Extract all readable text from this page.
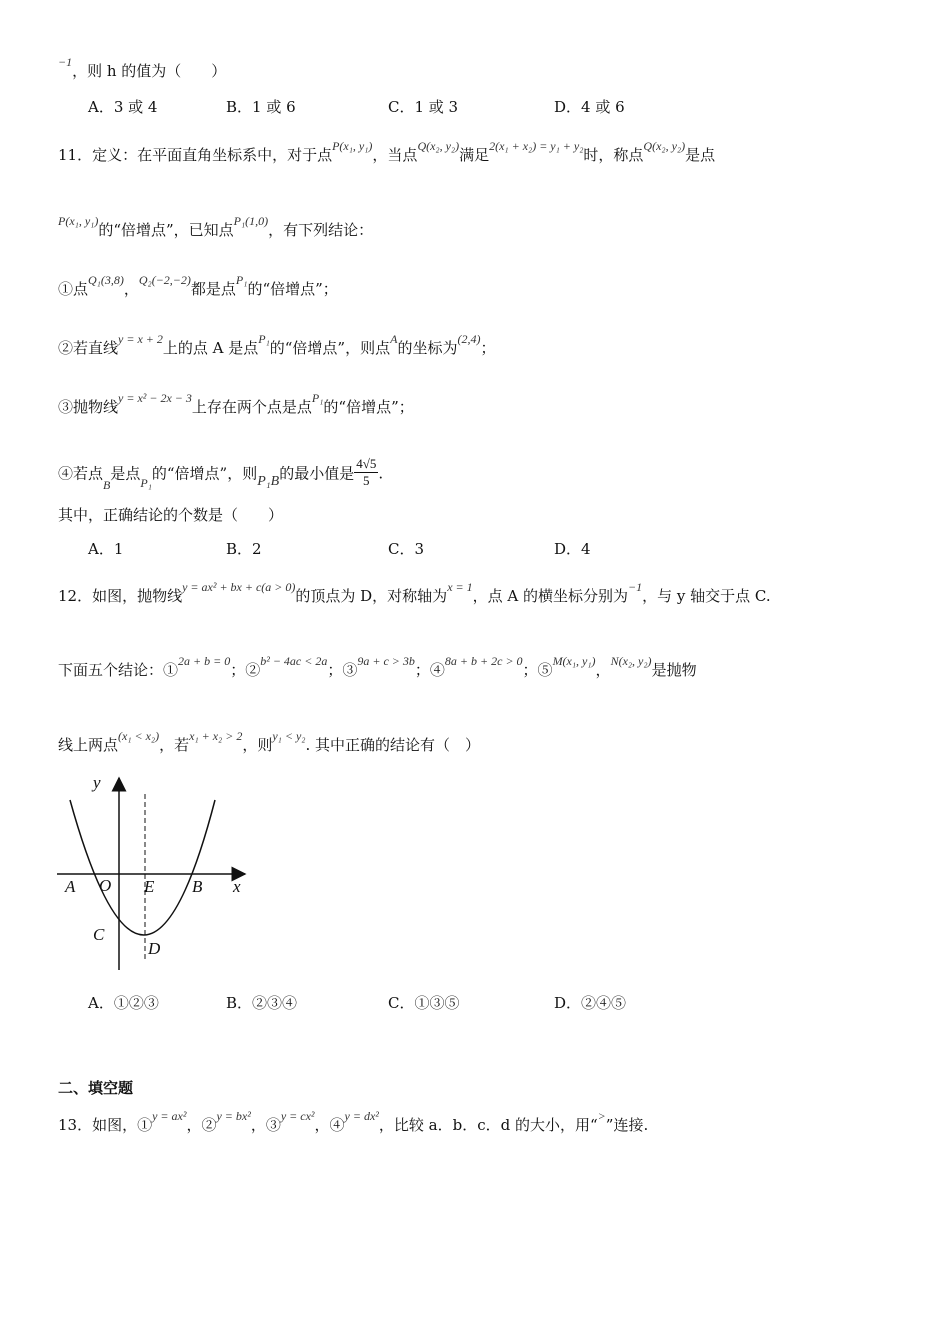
$^{-1}$，则 h 的值为（　　）
A．3 或 4	B．1 或 6	C．1 或 3	D．4 或 6
11．定义：在平面直角坐标系中，对于点$^{P(x_1, y_1)}$，当点$^{Q(x_2, y_2)}$满足$^{2(x_1 + x_2) = y_1 + y_2}$时，称点$^{Q(x_2, y_2)}$是点
$^{P(x_1, y_1)}$的“倍增点”，已知点$^{P_1(1,0)}$，有下列结论：
①点$^{Q_1(3,8)}$，$^{Q_2(-2,-2)}$都是点$^{P_1}$的“倍增点”；
②若直线$^{y = x + 2}$上的点 A 是点$^{P_1}$的“倍增点”，则点$^A$的坐标为$^{(2,4)}$；
③抛物线$^{y = x^2 - 2x - 3}$上存在两个点是点$^{P_1}$的“倍增点”；
④若点$_B$是点$_{P_1}$的“倍增点”，则P₁B的最小值是 $\frac{4√5}{5}$ .
其中，正确结论的个数是（　　）
A．1	B．2	C．3	D．4
12．如图，抛物线$^{y = ax^2 + bx + c(a > 0)}$的顶点为 D，对称轴为$^{x = 1}$，点 A 的横坐标分别为$^{-1}$，与 y 轴交于点 C.
下面五个结论：①$^{2a + b = 0}$；②$^{b^2 - 4ac < 2a}$；③$^{9a + c > 3b}$；④$^{8a + b + 2c > 0}$；⑤$^{M(x_1, y_1)}$，$^{N(x_2, y_2)}$是抛物
线上两点$^{(x_1 < x_2)}$，若$^{x_1 + x_2 > 2}$，则$^{y_1 < y_2}$. 其中正确的结论有（　）
y
x
A O E B
C
D
A．①②③	B．②③④	C．①③⑤	D．②④⑤
二、填空题
13．如图，①$^{y = ax^2}$，②$^{y = bx^2}$，③$^{y = cx^2}$，④$^{y = dx^2}$，比较 a．b．c．d 的大小，用“>”连接.
